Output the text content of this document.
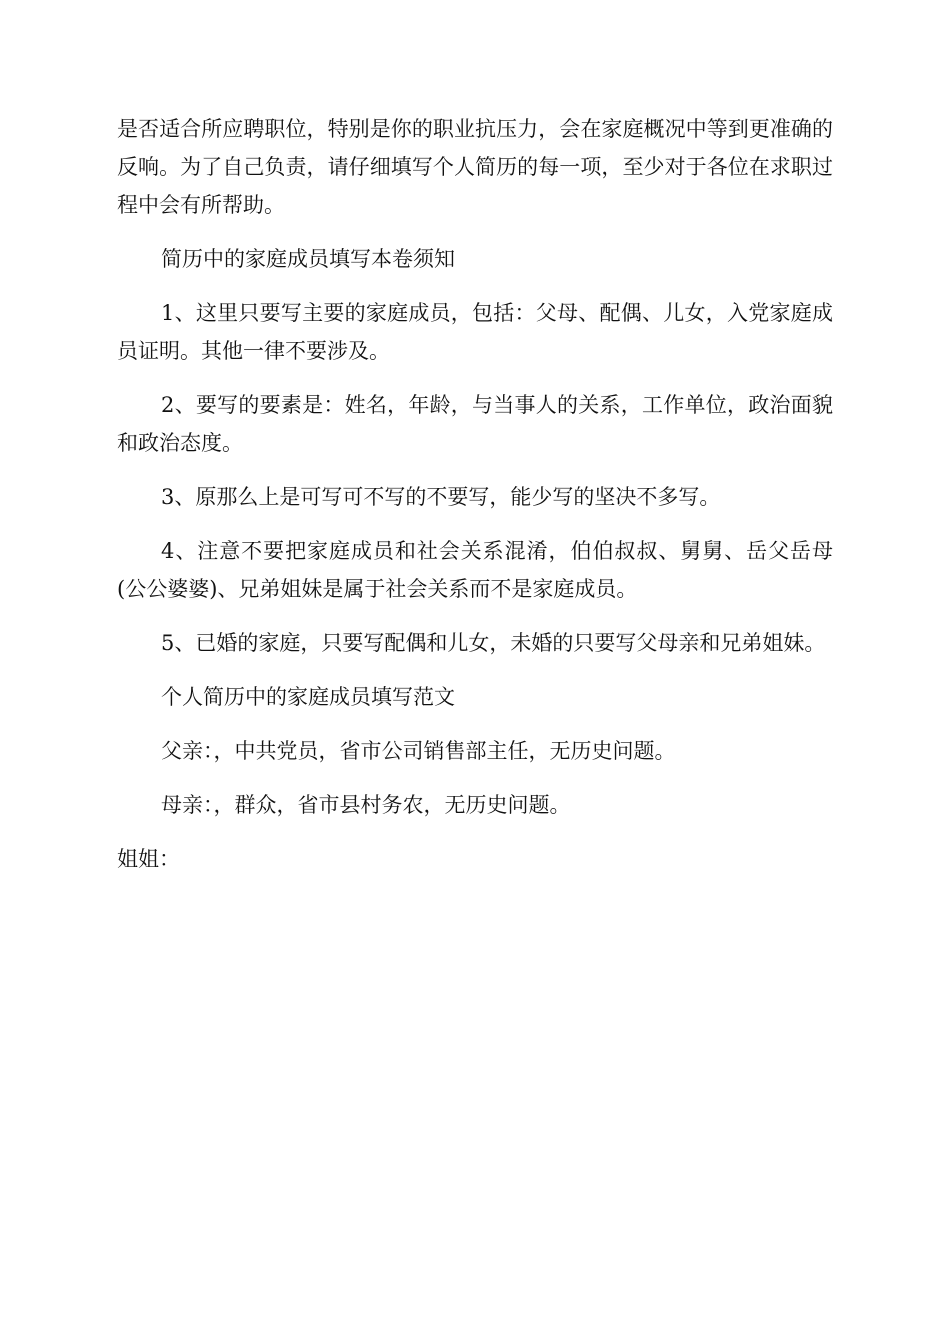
是否适合所应聘职位，特别是你的职业抗压力，会在家庭概况中等到更准确的反响。为了自己负责，请仔细填写个人简历的每一项，至少对于各位在求职过程中会有所帮助。

简历中的家庭成员填写本卷须知

1、这里只要写主要的家庭成员，包括：父母、配偶、儿女，入党家庭成员证明。其他一律不要涉及。

2、要写的要素是：姓名，年龄，与当事人的关系，工作单位，政治面貌和政治态度。

3、原那么上是可写可不写的不要写，能少写的坚决不多写。

4、注意不要把家庭成员和社会关系混淆，伯伯叔叔、舅舅、岳父岳母(公公婆婆)、兄弟姐妹是属于社会关系而不是家庭成员。

5、已婚的家庭，只要写配偶和儿女，未婚的只要写父母亲和兄弟姐妹。

个人简历中的家庭成员填写范文

父亲：，中共党员，省市公司销售部主任，无历史问题。

母亲：，群众，省市县村务农，无历史问题。

姐姐：
